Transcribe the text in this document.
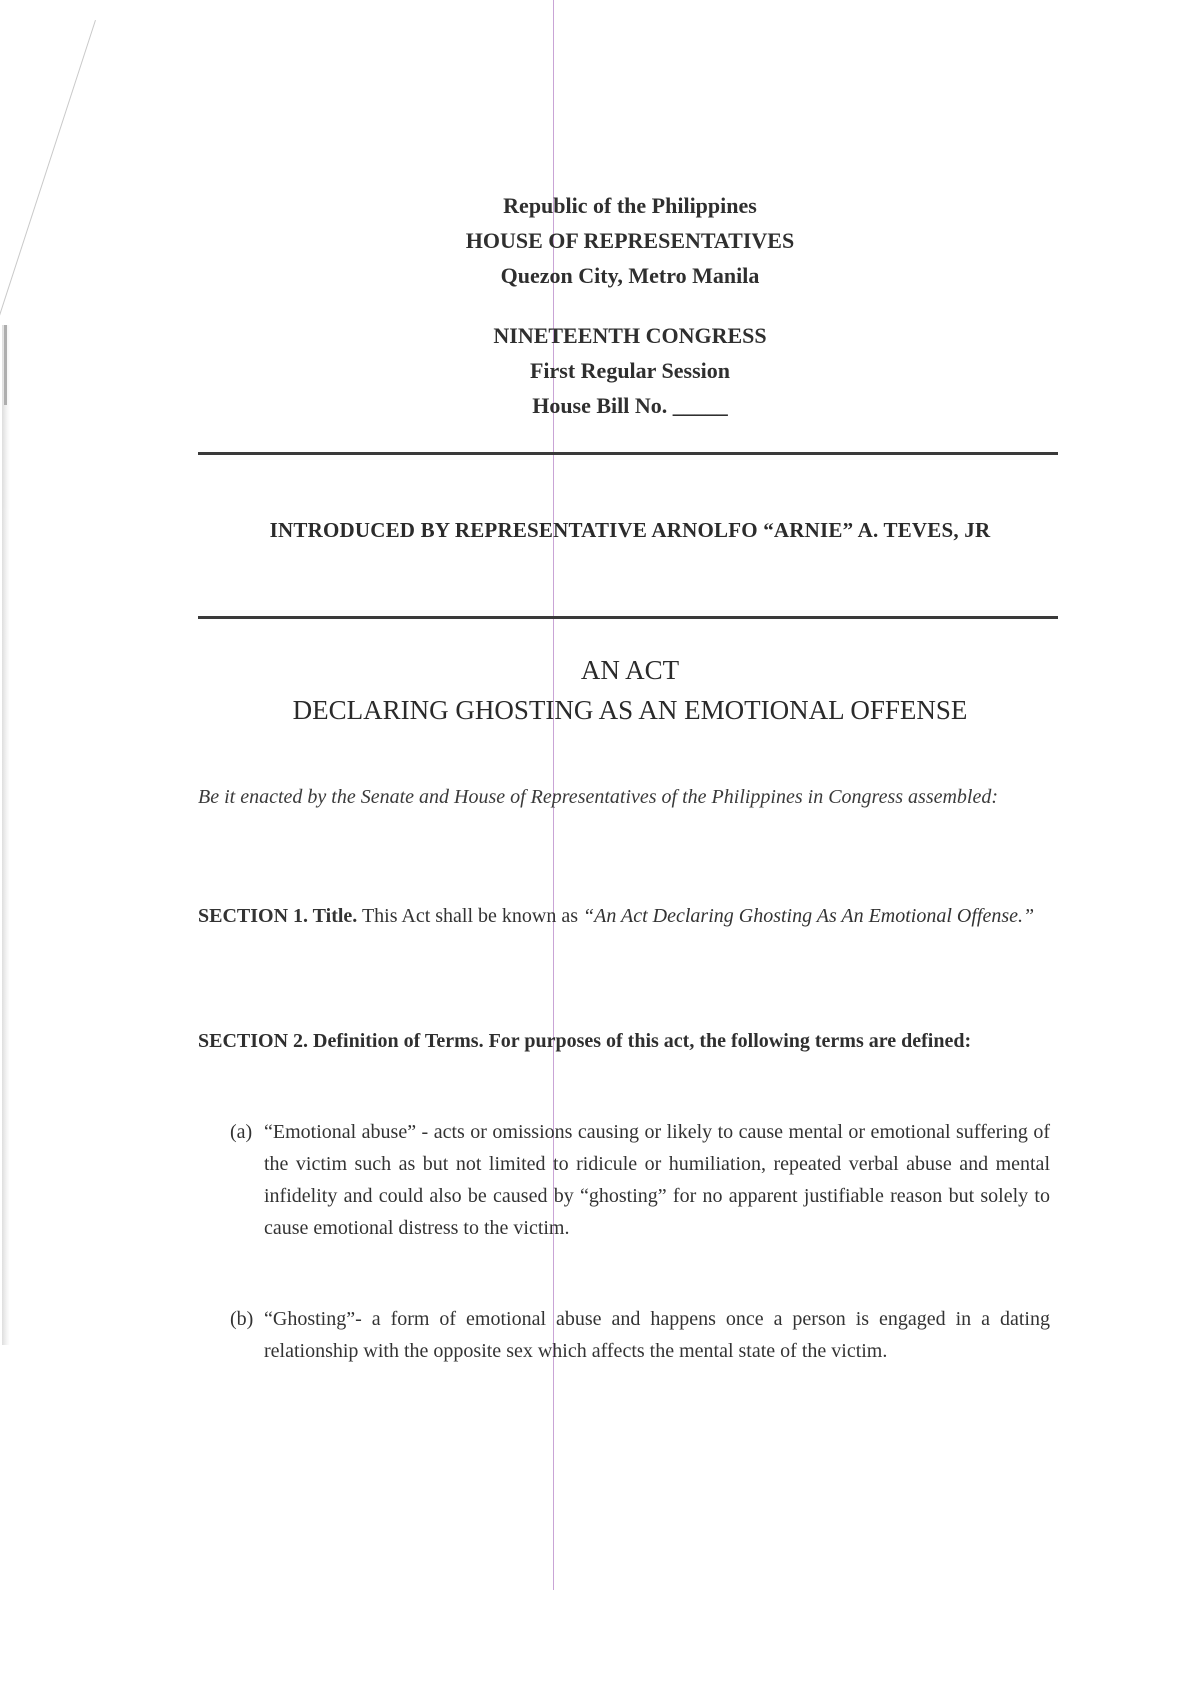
Republic of the Philippines
HOUSE OF REPRESENTATIVES
Quezon City, Metro Manila
NINETEENTH CONGRESS
First Regular Session
House Bill No. _____
INTRODUCED BY REPRESENTATIVE ARNOLFO “ARNIE” A. TEVES, JR
AN ACT
DECLARING GHOSTING AS AN EMOTIONAL OFFENSE
Be it enacted by the Senate and House of Representatives of the Philippines in Congress assembled:
SECTION 1. Title. This Act shall be known as “An Act Declaring Ghosting As An Emotional Offense.”
SECTION 2. Definition of Terms. For purposes of this act, the following terms are defined:
(a) “Emotional abuse” - acts or omissions causing or likely to cause mental or emotional suffering of the victim such as but not limited to ridicule or humiliation, repeated verbal abuse and mental infidelity and could also be caused by “ghosting” for no apparent justifiable reason but solely to cause emotional distress to the victim.
(b) “Ghosting”- a form of emotional abuse and happens once a person is engaged in a dating relationship with the opposite sex which affects the mental state of the victim.
